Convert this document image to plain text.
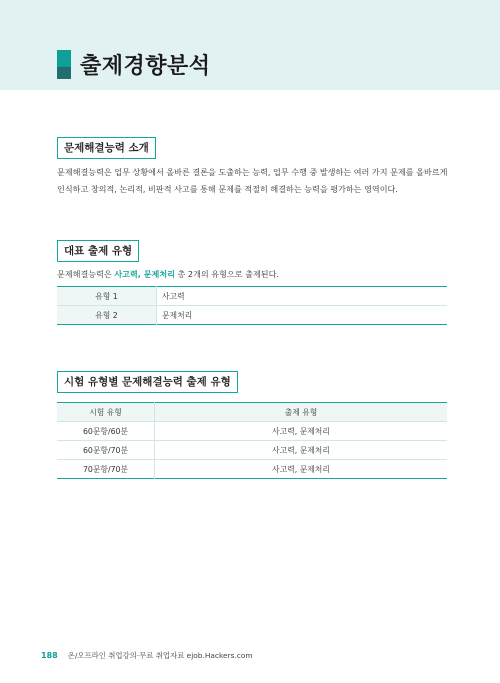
출제경향분석
문제해결능력 소개
문제해결능력은 업무 상황에서 올바른 결론을 도출하는 능력, 업무 수행 중 발생하는 여러 가지 문제를 올바르게 인식하고 창의적, 논리적, 비판적 사고를 통해 문제를 적절히 해결하는 능력을 평가하는 영역이다.
대표 출제 유형
문제해결능력은 사고력, 문제처리 총 2개의 유형으로 출제된다.
유형 1	사고력
유형 2	문제처리
시험 유형별 문제해결능력 출제 유형
시험 유형	출제 유형
60문항/60분	사고력, 문제처리
60문항/70분	사고력, 문제처리
70문항/70분	사고력, 문제처리
188 온/오프라인 취업강의·무료 취업자료 ejob.Hackers.com
